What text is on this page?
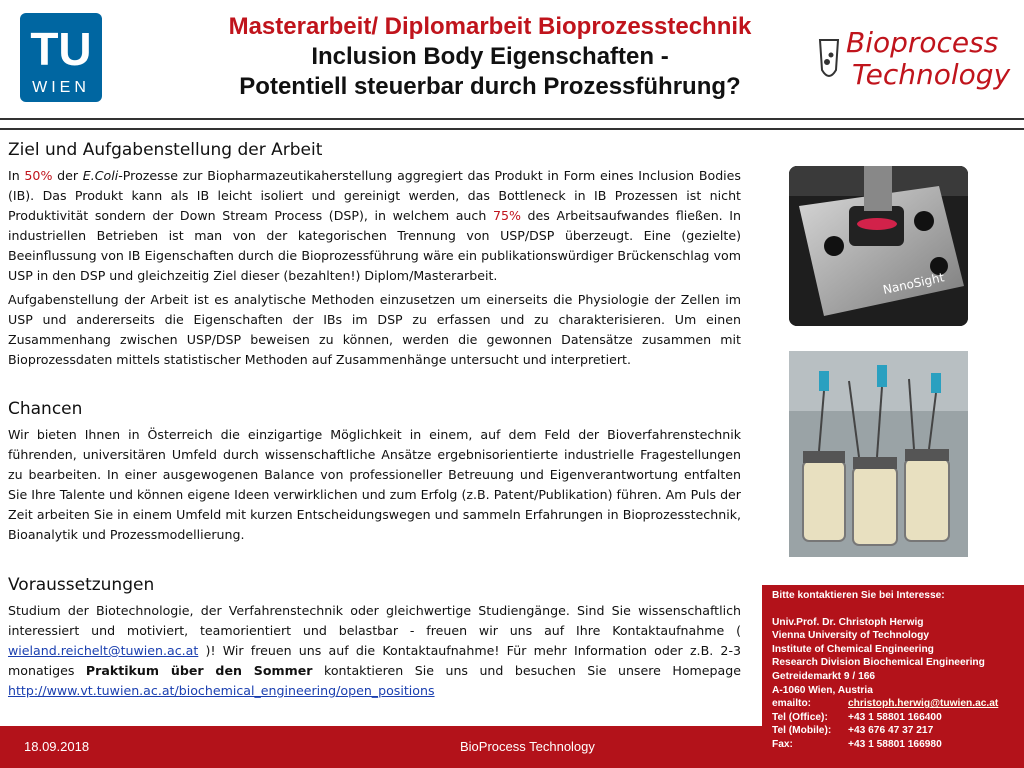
TU
WIEN
Masterarbeit/ Diplomarbeit Bioprozesstechnik
Inclusion Body Eigenschaften -
Potentiell steuerbar durch Prozessführung?
Bioprocess
Technology
Ziel und Aufgabenstellung der Arbeit

In 50% der E.Coli-Prozesse zur Biopharmazeutikaherstellung aggregiert das Produkt in Form eines Inclusion Bodies (IB). Das Produkt kann als IB leicht isoliert und gereinigt werden, das Bottleneck in IB Prozessen ist nicht Produktivität sondern der Down Stream Process (DSP), in welchem auch 75% des Arbeitsaufwandes fließen. In industriellen Betrieben ist man von der kategorischen Trennung von USP/DSP überzeugt. Eine (gezielte) Beeinflussung von IB Eigenschaften durch die Bioprozessführung wäre ein publikationswürdiger Brückenschlag vom USP in den DSP und gleichzeitig Ziel dieser (bezahlten!) Diplom/Masterarbeit.

Aufgabenstellung der Arbeit ist es analytische Methoden einzusetzen um einerseits die Physiologie der Zellen im USP und andererseits die Eigenschaften der IBs im DSP zu erfassen und zu charakterisieren. Um einen Zusammenhang zwischen USP/DSP beweisen zu können, werden die gewonnen Datensätze zusammen mit Bioprozessdaten mittels statistischer Methoden auf Zusammenhänge untersucht und interpretiert.

Chancen

Wir bieten Ihnen in Österreich die einzigartige Möglichkeit in einem, auf dem Feld der Bioverfahrenstechnik führenden, universitären Umfeld durch wissenschaftliche Ansätze ergebnisorientierte industrielle Fragestellungen zu bearbeiten. In einer ausgewogenen Balance von professioneller Betreuung und Eigenverantwortung entfalten Sie Ihre Talente und können eigene Ideen verwirklichen und zum Erfolg (z.B. Patent/Publikation) führen. Am Puls der Zeit arbeiten Sie in einem Umfeld mit kurzen Entscheidungswegen und sammeln Erfahrungen in Bioprozesstechnik, Bioanalytik und Prozessmodellierung.

Voraussetzungen

Studium der Biotechnologie, der Verfahrenstechnik oder gleichwertige Studiengänge. Sind Sie wissenschaftlich interessiert und motiviert, teamorientiert und belastbar - freuen wir uns auf Ihre Kontaktaufnahme ( wieland.reichelt@tuwien.ac.at )! Wir freuen uns auf die Kontaktaufnahme! Für mehr Information oder z.B. 2-3 monatiges Praktikum über den Sommer kontaktieren Sie uns und besuchen Sie unsere Homepage http://www.vt.tuwien.ac.at/biochemical_engineering/open_positions

NanoSight
Bitte kontaktieren Sie bei Interesse:
Univ.Prof. Dr. Christoph Herwig
Vienna University of Technology
Institute of Chemical Engineering
Research Division Biochemical Engineering
Getreidemarkt 9 / 166
A-1060 Wien, Austria
emailto:	christoph.herwig@tuwien.ac.at
Tel (Office): +43 1 58801 166400
Tel (Mobile): +43 676 47 37 217
Fax:	+43 1 58801 166980
18.09.2018	BioProcess Technology
